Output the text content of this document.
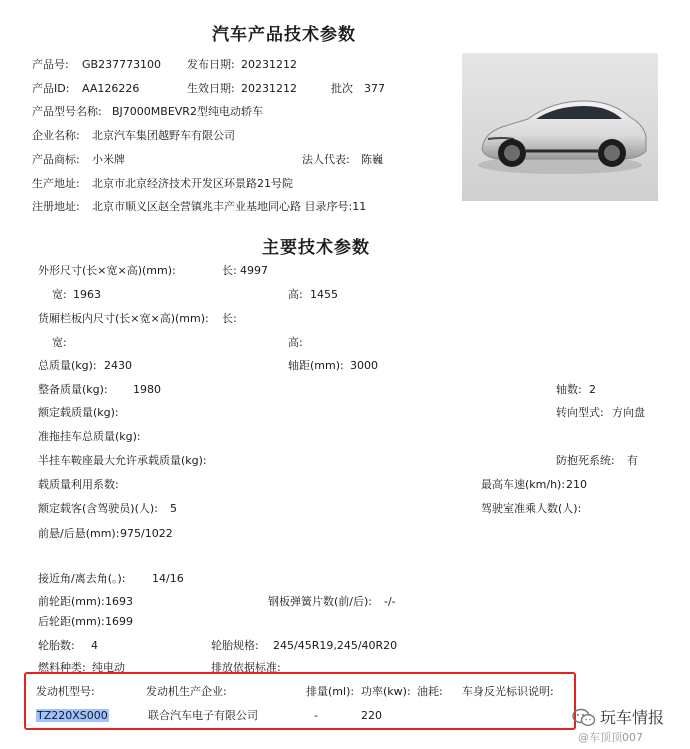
汽车产品技术参数
产品号: GB237773100 发布日期: 20231212
产品ID: AA126226	生效日期: 20231212	批次 377
产品型号名称: BJ7000MBEVR2型纯电动轿车
企业名称: 北京汽车集团越野车有限公司
产品商标: 小米牌	法人代表: 陈巍
生产地址: 北京市北京经济技术开发区环景路21号院
注册地址: 北京市顺义区赵全营镇兆丰产业基地同心路 目录序号:11
主要技术参数
外形尺寸(长×宽×高)(mm):	长: 4997
宽: 1963	高: 1455
货厢栏板内尺寸(长×宽×高)(mm): 长:
宽:	高:
总质量(kg): 2430	轴距(mm): 3000
整备质量(kg): 1980	轴数: 2
额定载质量(kg):	转向型式: 方向盘
准拖挂车总质量(kg):
半挂车鞍座最大允许承载质量(kg):	防抱死系统: 有
载质量利用系数:	最高车速(km/h): 210
额定载客(含驾驶员)(人): 5	驾驶室准乘人数(人):
前悬/后悬(mm): 975/1022
接近角/离去角(。): 14/16
前轮距(mm): 1693	钢板弹簧片数(前/后): -/-
后轮距(mm): 1699
轮胎数: 4	轮胎规格: 245/45R19,245/40R20
燃料种类: 纯电动	排放依据标准:
发动机型号:	发动机生产企业:	排量(ml): 功率(kw): 油耗: 车身反光标识说明:
TZ220XS000	联合汽车电子有限公司	-	220	玩车情报
@车顶顶007
